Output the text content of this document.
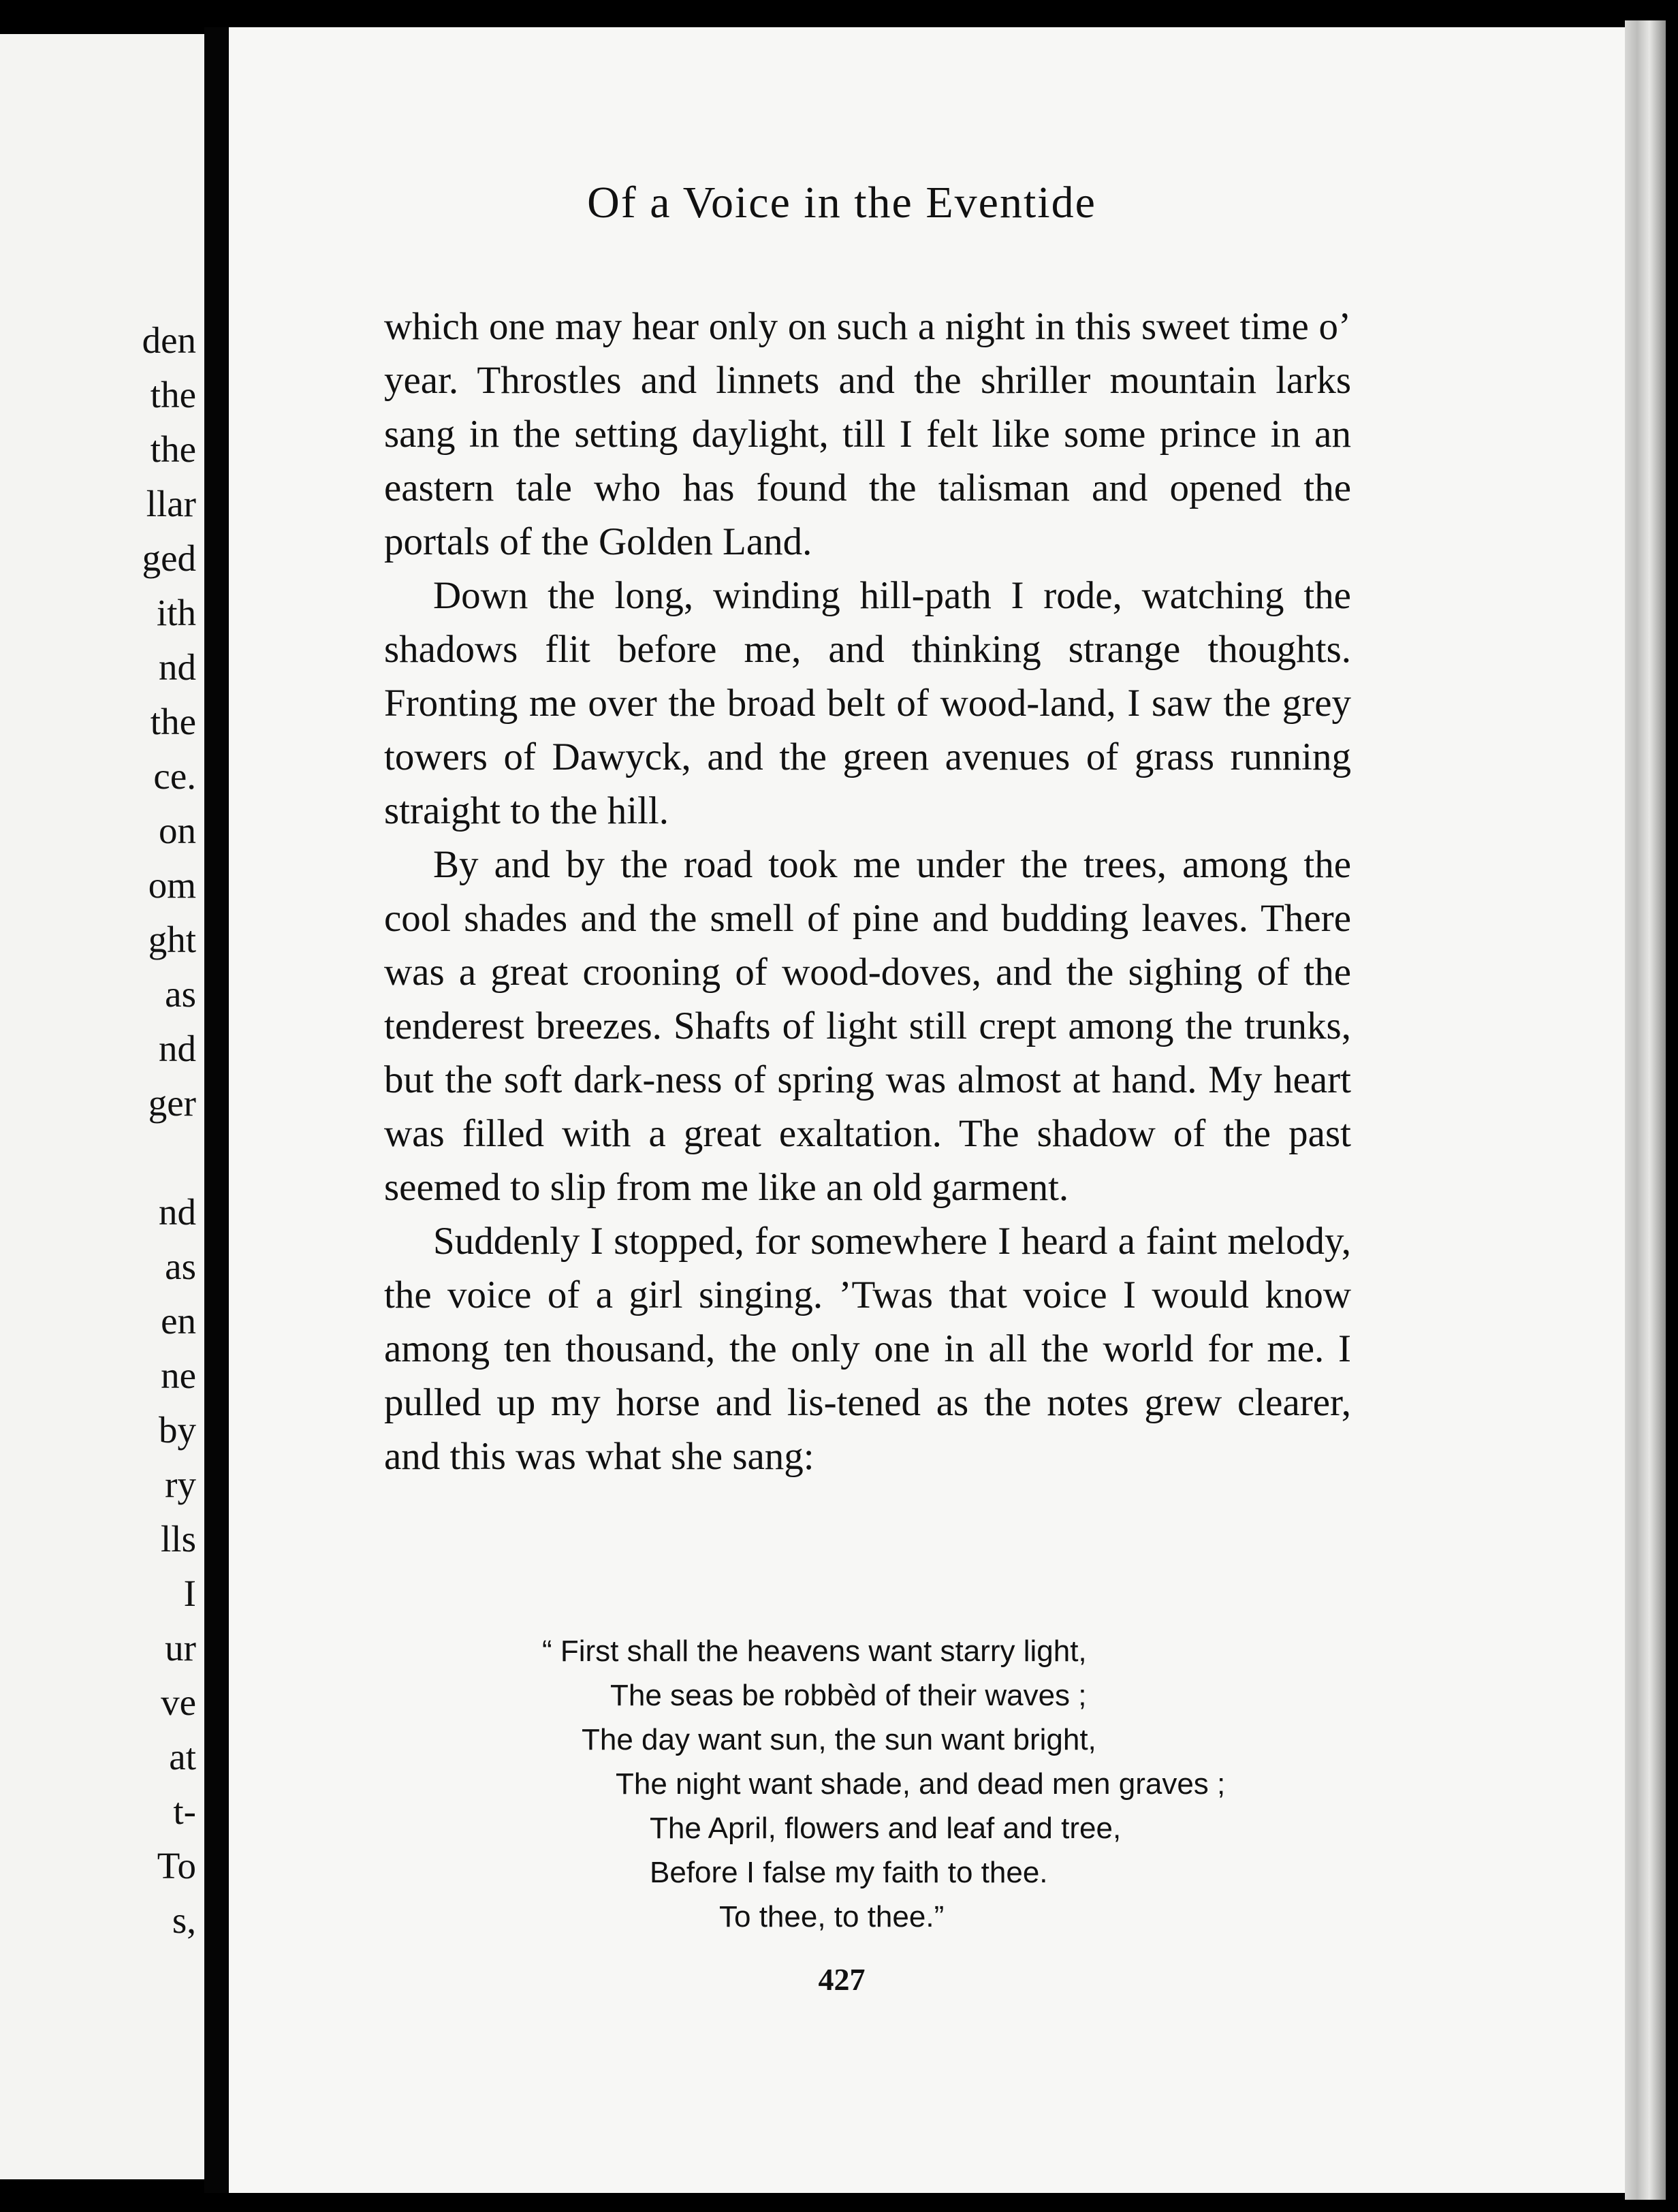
den
the
the
llar
ged
ith
nd
the
ce.
on
om
ght
as
nd
ger
nd
as
en
ne
by
ry
lls
I
ur
ve
at
t-
To
s,
Of a Voice in the Eventide

which one may hear only on such a night in this sweet time o’ year. Throstles and linnets and the shriller mountain larks sang in the setting daylight, till I felt like some prince in an eastern tale who has found the talisman and opened the portals of the Golden Land.

Down the long, winding hill-path I rode, watching the shadows flit before me, and thinking strange thoughts. Fronting me over the broad belt of wood-land, I saw the grey towers of Dawyck, and the green avenues of grass running straight to the hill.

By and by the road took me under the trees, among the cool shades and the smell of pine and budding leaves. There was a great crooning of wood-doves, and the sighing of the tenderest breezes. Shafts of light still crept among the trunks, but the soft dark-ness of spring was almost at hand. My heart was filled with a great exaltation. The shadow of the past seemed to slip from me like an old garment.

Suddenly I stopped, for somewhere I heard a faint melody, the voice of a girl singing. ’Twas that voice I would know among ten thousand, the only one in all the world for me. I pulled up my horse and lis-tened as the notes grew clearer, and this was what she sang:

“ First shall the heavens want starry light,
The seas be robbèd of their waves ;
The day want sun, the sun want bright,
The night want shade, and dead men graves ;
The April, flowers and leaf and tree,
Before I false my faith to thee.
To thee, to thee.”
427
